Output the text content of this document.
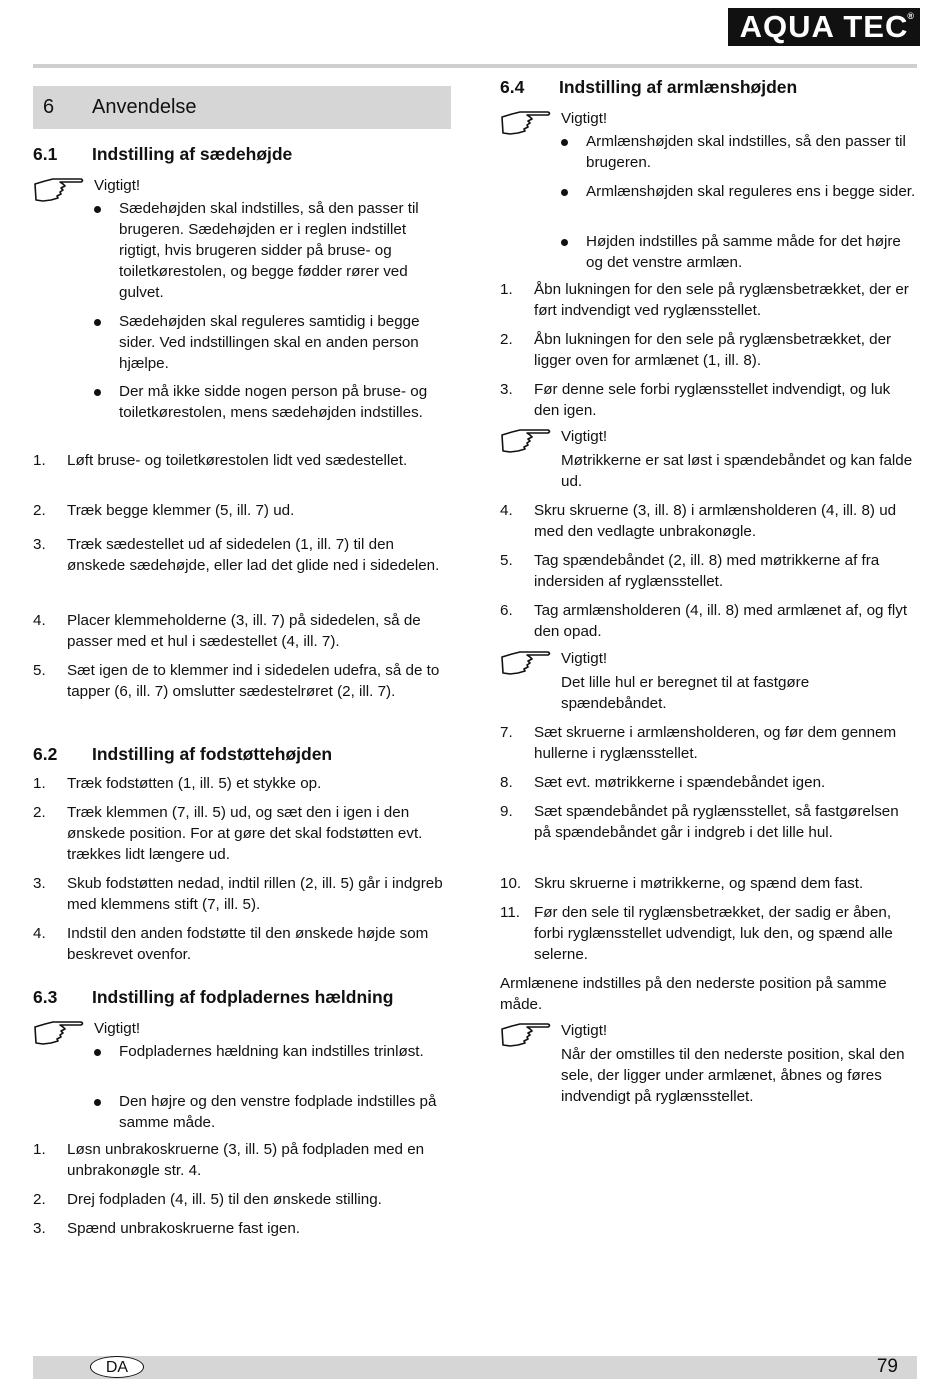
AQUA TEC
®
6	Anvendelse
6.1	Indstilling af sædehøjde
Vigtigt!
Sædehøjden skal indstilles, så den passer til brugeren. Sædehøjden er i reglen indstillet rigtigt, hvis brugeren sidder på bruse- og toiletkørestolen, og begge fødder rører ved gulvet.
Sædehøjden skal reguleres samtidig i begge sider. Ved indstillingen skal en anden person hjælpe.
Der må ikke sidde nogen person på bruse- og toiletkørestolen, mens sædehøjden indstilles.
1. Løft bruse- og toiletkørestolen lidt ved sædestellet.
2. Træk begge klemmer (5, ill. 7) ud.
3. Træk sædestellet ud af sidedelen (1, ill. 7) til den ønskede sædehøjde, eller lad det glide ned i sidedelen.
4. Placer klemmeholderne (3, ill. 7) på sidedelen, så de passer med et hul i sædestellet (4, ill. 7).
5. Sæt igen de to klemmer ind i sidedelen udefra, så de to tapper (6, ill. 7) omslutter sædestelrøret (2, ill. 7).
6.2	Indstilling af fodstøttehøjden
1. Træk fodstøtten (1, ill. 5) et stykke op.
2. Træk klemmen (7, ill. 5) ud, og sæt den i igen i den ønskede position. For at gøre det skal fodstøtten evt. trækkes lidt længere ud.
3. Skub fodstøtten nedad, indtil rillen (2, ill. 5) går i indgreb med klemmens stift (7, ill. 5).
4. Indstil den anden fodstøtte til den ønskede højde som beskrevet ovenfor.
6.3	Indstilling af fodpladernes hældning
Vigtigt!
Fodpladernes hældning kan indstilles trinløst.
Den højre og den venstre fodplade indstilles på samme måde.
1. Løsn unbrakoskruerne (3, ill. 5) på fodpladen med en unbrakonøgle str. 4.
2. Drej fodpladen (4, ill. 5) til den ønskede stilling.
3. Spænd unbrakoskruerne fast igen.
6.4	Indstilling af armlænshøjden
Vigtigt!
Armlænshøjden skal indstilles, så den passer til brugeren.
Armlænshøjden skal reguleres ens i begge sider.
Højden indstilles på samme måde for det højre og det venstre armlæn.
1. Åbn lukningen for den sele på ryglænsbetrækket, der er ført indvendigt ved ryglænsstellet.
2. Åbn lukningen for den sele på ryglænsbetrækket, der ligger oven for armlænet (1, ill. 8).
3. Før denne sele forbi ryglænsstellet indvendigt, og luk den igen.
Vigtigt!
Møtrikkerne er sat løst i spændebåndet og kan falde ud.
4. Skru skruerne (3, ill. 8) i armlænsholderen (4, ill. 8) ud med den vedlagte unbrakonøgle.
5. Tag spændebåndet (2, ill. 8) med møtrikkerne af fra indersiden af ryglænsstellet.
6. Tag armlænsholderen (4, ill. 8) med armlænet af, og flyt den opad.
Vigtigt!
Det lille hul er beregnet til at fastgøre spændebåndet.
7. Sæt skruerne i armlænsholderen, og før dem gennem hullerne i ryglænsstellet.
8. Sæt evt. møtrikkerne i spændebåndet igen.
9. Sæt spændebåndet på ryglænsstellet, så fastgørelsen på spændebåndet går i indgreb i det lille hul.
10. Skru skruerne i møtrikkerne, og spænd dem fast.
11. Før den sele til ryglænsbetrækket, der sadig er åben, forbi ryglænsstellet udvendigt, luk den, og spænd alle selerne.
Armlænene indstilles på den nederste position på samme måde.
Vigtigt!
Når der omstilles til den nederste position, skal den sele, der ligger under armlænet, åbnes og føres indvendigt på ryglænsstellet.
DA	79
